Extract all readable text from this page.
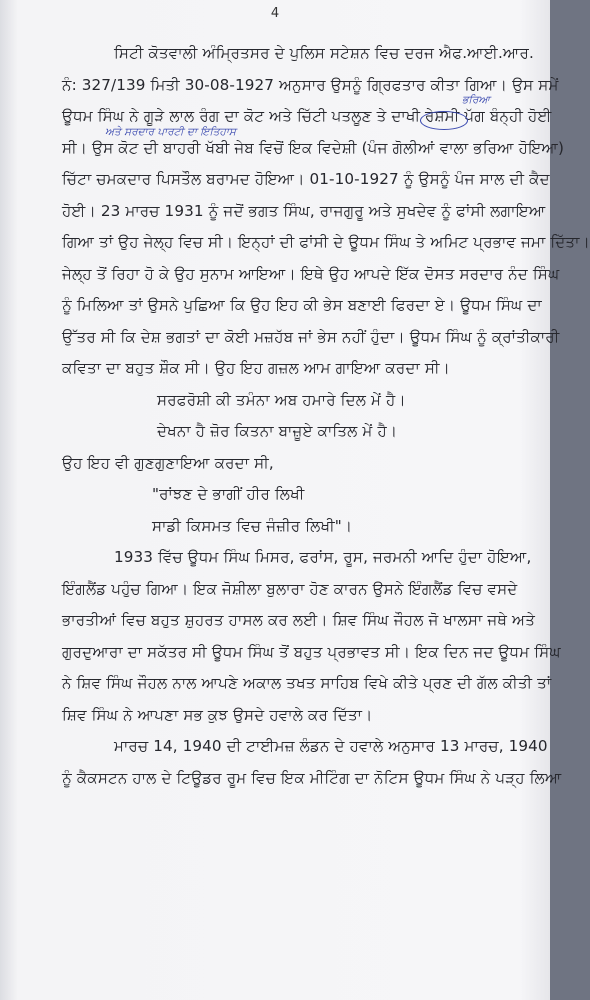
4
ਸਿਟੀ ਕੋਤਵਾਲੀ ਅੰਮ੍ਰਿਤਸਰ ਦੇ ਪੁਲਿਸ ਸਟੇਸ਼ਨ ਵਿਚ ਦਰਜ ਐਫ.ਆਈ.ਆਰ.
ਨੰ: 327/139 ਮਿਤੀ 30-08-1927 ਅਨੁਸਾਰ ਉਸਨੂੰ ਗ੍ਰਿਫਤਾਰ ਕੀਤਾ ਗਿਆ। ਉਸ ਸਮੇਂ
ਊਧਮ ਸਿੰਘ ਨੇ ਗੂੜੇ ਲਾਲ ਰੰਗ ਦਾ ਕੋਟ ਅਤੇ ਚਿੱਟੀ ਪਤਲੂਣ ਤੇ ਦਾਖੀ ਰੇਸ਼ਮੀ ਪੱਗ ਬੰਨ੍ਹੀ ਹੋਈ
ਸੀ। ਉਸ ਕੋਟ ਦੀ ਬਾਹਰੀ ਖੱਬੀ ਜੇਬ ਵਿਚੋਂ ਇਕ ਵਿਦੇਸ਼ੀ (ਪੰਜ ਗੋਲੀਆਂ ਵਾਲਾ ਭਰਿਆ ਹੋਇਆ)
ਚਿੱਟਾ ਚਮਕਦਾਰ ਪਿਸਤੌਲ ਬਰਾਮਦ ਹੋਇਆ। 01-10-1927 ਨੂੰ ਉਸਨੂੰ ਪੰਜ ਸਾਲ ਦੀ ਕੈਦ
ਹੋਈ। 23 ਮਾਰਚ 1931 ਨੂੰ ਜਦੋਂ ਭਗਤ ਸਿੰਘ, ਰਾਜਗੁਰੂ ਅਤੇ ਸੁਖਦੇਵ ਨੂੰ ਫਾਂਸੀ ਲਗਾਇਆ
ਗਿਆ ਤਾਂ ਉਹ ਜੇਲ੍ਹ ਵਿਚ ਸੀ। ਇਨ੍ਹਾਂ ਦੀ ਫਾਂਸੀ ਦੇ ਊਧਮ ਸਿੰਘ ਤੇ ਅਮਿਟ ਪ੍ਰਭਾਵ ਜਮਾ ਦਿੱਤਾ।
ਜੇਲ੍ਹ ਤੋਂ ਰਿਹਾ ਹੋ ਕੇ ਉਹ ਸੁਨਾਮ ਆਇਆ। ਇਥੇ ਉਹ ਆਪਦੇ ਇੱਕ ਦੋਸਤ ਸਰਦਾਰ ਨੰਦ ਸਿੰਘ
ਨੂੰ ਮਿਲਿਆ ਤਾਂ ਉਸਨੇ ਪੁਛਿਆ ਕਿ ਉਹ ਇਹ ਕੀ ਭੇਸ ਬਣਾਈ ਫਿਰਦਾ ਏ। ਊਧਮ ਸਿੰਘ ਦਾ
ਉੱਤਰ ਸੀ ਕਿ ਦੇਸ਼ ਭਗਤਾਂ ਦਾ ਕੋਈ ਮਜ਼ਹੱਬ ਜਾਂ ਭੇਸ ਨਹੀਂ ਹੁੰਦਾ। ਊਧਮ ਸਿੰਘ ਨੂੰ ਕ੍ਰਾਂਤੀਕਾਰੀ
ਕਵਿਤਾ ਦਾ ਬਹੁਤ ਸ਼ੌਕ ਸੀ। ਉਹ ਇਹ ਗਜ਼ਲ ਆਮ ਗਾਇਆ ਕਰਦਾ ਸੀ।
ਸਰਫਰੋਸ਼ੀ ਕੀ ਤਮੰਨਾ ਅਬ ਹਮਾਰੇ ਦਿਲ ਮੇਂ ਹੈ।
ਦੇਖਨਾ ਹੈ ਜ਼ੋਰ ਕਿਤਨਾ ਬਾਜ਼ੂਏ ਕਾਤਿਲ ਮੇਂ ਹੈ।
ਉਹ ਇਹ ਵੀ ਗੁਣਗੁਣਾਇਆ ਕਰਦਾ ਸੀ,
"ਰਾਂਝਣ ਦੇ ਭਾਗੀਂ ਹੀਰ ਲਿਖੀ
ਸਾਡੀ ਕਿਸਮਤ ਵਿਚ ਜੰਜ਼ੀਰ ਲਿਖੀ"।
1933 ਵਿੱਚ ਊਧਮ ਸਿੰਘ ਮਿਸਰ, ਫਰਾਂਸ, ਰੂਸ, ਜਰਮਨੀ ਆਦਿ ਹੁੰਦਾ ਹੋਇਆ,
ਇੰਗਲੈਂਡ ਪਹੁੰਚ ਗਿਆ। ਇਕ ਜੋਸ਼ੀਲਾ ਬੁਲਾਰਾ ਹੋਣ ਕਾਰਨ ਉਸਨੇ ਇੰਗਲੈਂਡ ਵਿਚ ਵਸਦੇ
ਭਾਰਤੀਆਂ ਵਿਚ ਬਹੁਤ ਸ਼ੁਹਰਤ ਹਾਸਲ ਕਰ ਲਈ। ਸ਼ਿਵ ਸਿੰਘ ਜੌਹਲ ਜੋ ਖਾਲਸਾ ਜਥੇ ਅਤੇ
ਗੁਰਦੁਆਰਾ ਦਾ ਸਕੱਤਰ ਸੀ ਊਧਮ ਸਿੰਘ ਤੋਂ ਬਹੁਤ ਪ੍ਰਭਾਵਤ ਸੀ। ਇਕ ਦਿਨ ਜਦ ਊਧਮ ਸਿੰਘ
ਨੇ ਸ਼ਿਵ ਸਿੰਘ ਜੌਹਲ ਨਾਲ ਆਪਣੇ ਅਕਾਲ ਤਖਤ ਸਾਹਿਬ ਵਿਖੇ ਕੀਤੇ ਪ੍ਰਣ ਦੀ ਗੱਲ ਕੀਤੀ ਤਾਂ
ਸ਼ਿਵ ਸਿੰਘ ਨੇ ਆਪਣਾ ਸਭ ਕੁਝ ਉਸਦੇ ਹਵਾਲੇ ਕਰ ਦਿੱਤਾ।
ਮਾਰਚ 14, 1940 ਦੀ ਟਾਈਮਜ਼ ਲੰਡਨ ਦੇ ਹਵਾਲੇ ਅਨੁਸਾਰ 13 ਮਾਰਚ, 1940
ਨੂੰ ਕੈਕਸਟਨ ਹਾਲ ਦੇ ਟਿਊਡਰ ਰੂਮ ਵਿਚ ਇਕ ਮੀਟਿੰਗ ਦਾ ਨੋਟਿਸ ਊਧਮ ਸਿੰਘ ਨੇ ਪੜ੍ਹ ਲਿਆ
ਭਰਿਆ
ਅਤੇ ਸਰਦਾਰ ਪਾਰਟੀ ਦਾ ਇਤਿਹਾਸ
